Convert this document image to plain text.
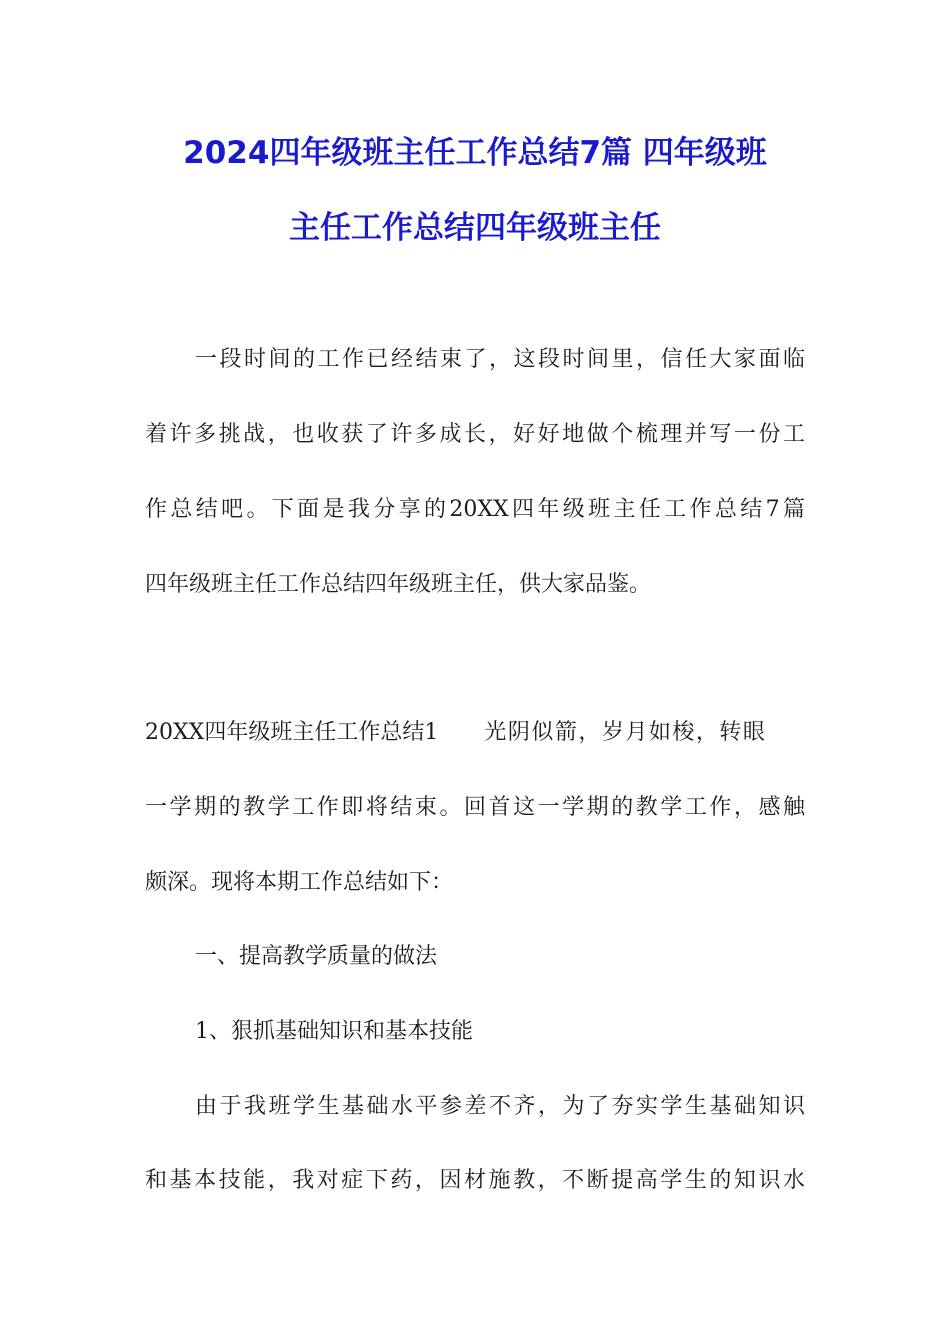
2024四年级班主任工作总结7篇 四年级班
主任工作总结四年级班主任
一段时间的工作已经结束了，这段时间里，信任大家面临
着许多挑战，也收获了许多成长，好好地做个梳理并写一份工
作总结吧。下面是我分享的20XX四年级班主任工作总结7篇
四年级班主任工作总结四年级班主任，供大家品鉴。
20XX四年级班主任工作总结1 光阴似箭，岁月如梭，转眼
一学期的教学工作即将结束。回首这一学期的教学工作，感触
颇深。现将本期工作总结如下：
一、提高教学质量的做法
1、狠抓基础知识和基本技能
由于我班学生基础水平参差不齐，为了夯实学生基础知识
和基本技能，我对症下药，因材施教，不断提高学生的知识水
